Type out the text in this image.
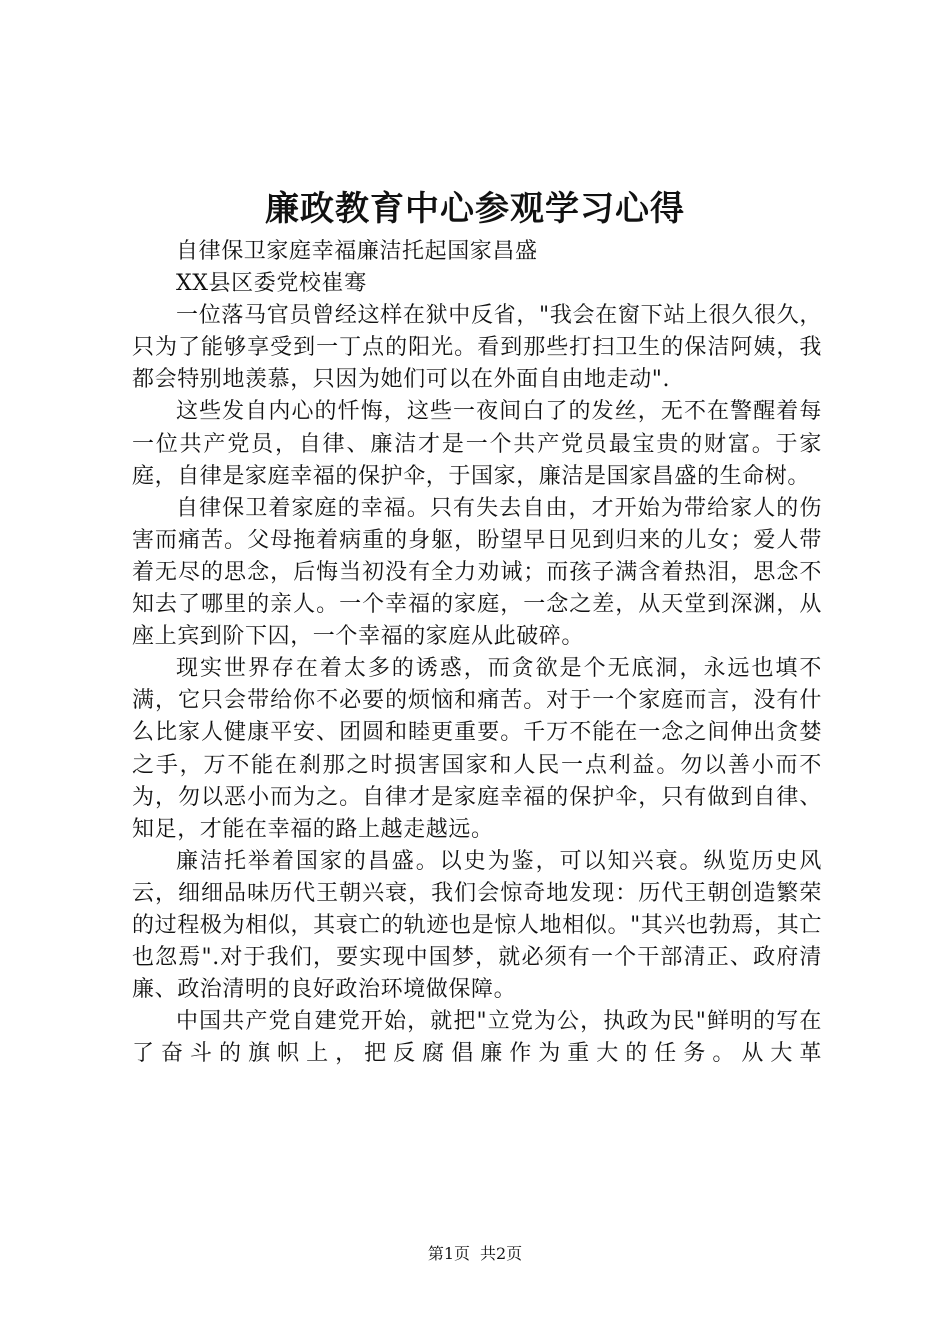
廉政教育中心参观学习心得

自律保卫家庭幸福廉洁托起国家昌盛

XX县区委党校崔骞

一位落马官员曾经这样在狱中反省，"我会在窗下站上很久很久，只为了能够享受到一丁点的阳光。看到那些打扫卫生的保洁阿姨，我都会特别地羡慕，只因为她们可以在外面自由地走动".

这些发自内心的忏悔，这些一夜间白了的发丝，无不在警醒着每一位共产党员，自律、廉洁才是一个共产党员最宝贵的财富。于家庭，自律是家庭幸福的保护伞，于国家，廉洁是国家昌盛的生命树。

自律保卫着家庭的幸福。只有失去自由，才开始为带给家人的伤害而痛苦。父母拖着病重的身躯，盼望早日见到归来的儿女；爱人带着无尽的思念，后悔当初没有全力劝诫；而孩子满含着热泪，思念不知去了哪里的亲人。一个幸福的家庭，一念之差，从天堂到深渊，从座上宾到阶下囚，一个幸福的家庭从此破碎。

现实世界存在着太多的诱惑，而贪欲是个无底洞，永远也填不满，它只会带给你不必要的烦恼和痛苦。对于一个家庭而言，没有什么比家人健康平安、团圆和睦更重要。千万不能在一念之间伸出贪婪之手，万不能在刹那之时损害国家和人民一点利益。勿以善小而不为，勿以恶小而为之。自律才是家庭幸福的保护伞，只有做到自律、知足，才能在幸福的路上越走越远。

廉洁托举着国家的昌盛。以史为鉴，可以知兴衰。纵览历史风云，细细品味历代王朝兴衰，我们会惊奇地发现：历代王朝创造繁荣的过程极为相似，其衰亡的轨迹也是惊人地相似。"其兴也勃焉，其亡也忽焉".对于我们，要实现中国梦，就必须有一个干部清正、政府清廉、政治清明的良好政治环境做保障。

中国共产党自建党开始，就把"立党为公，执政为民"鲜明的写在了奋斗的旗帜上，把反腐倡廉作为重大的任务。从大革

第1页 共2页
